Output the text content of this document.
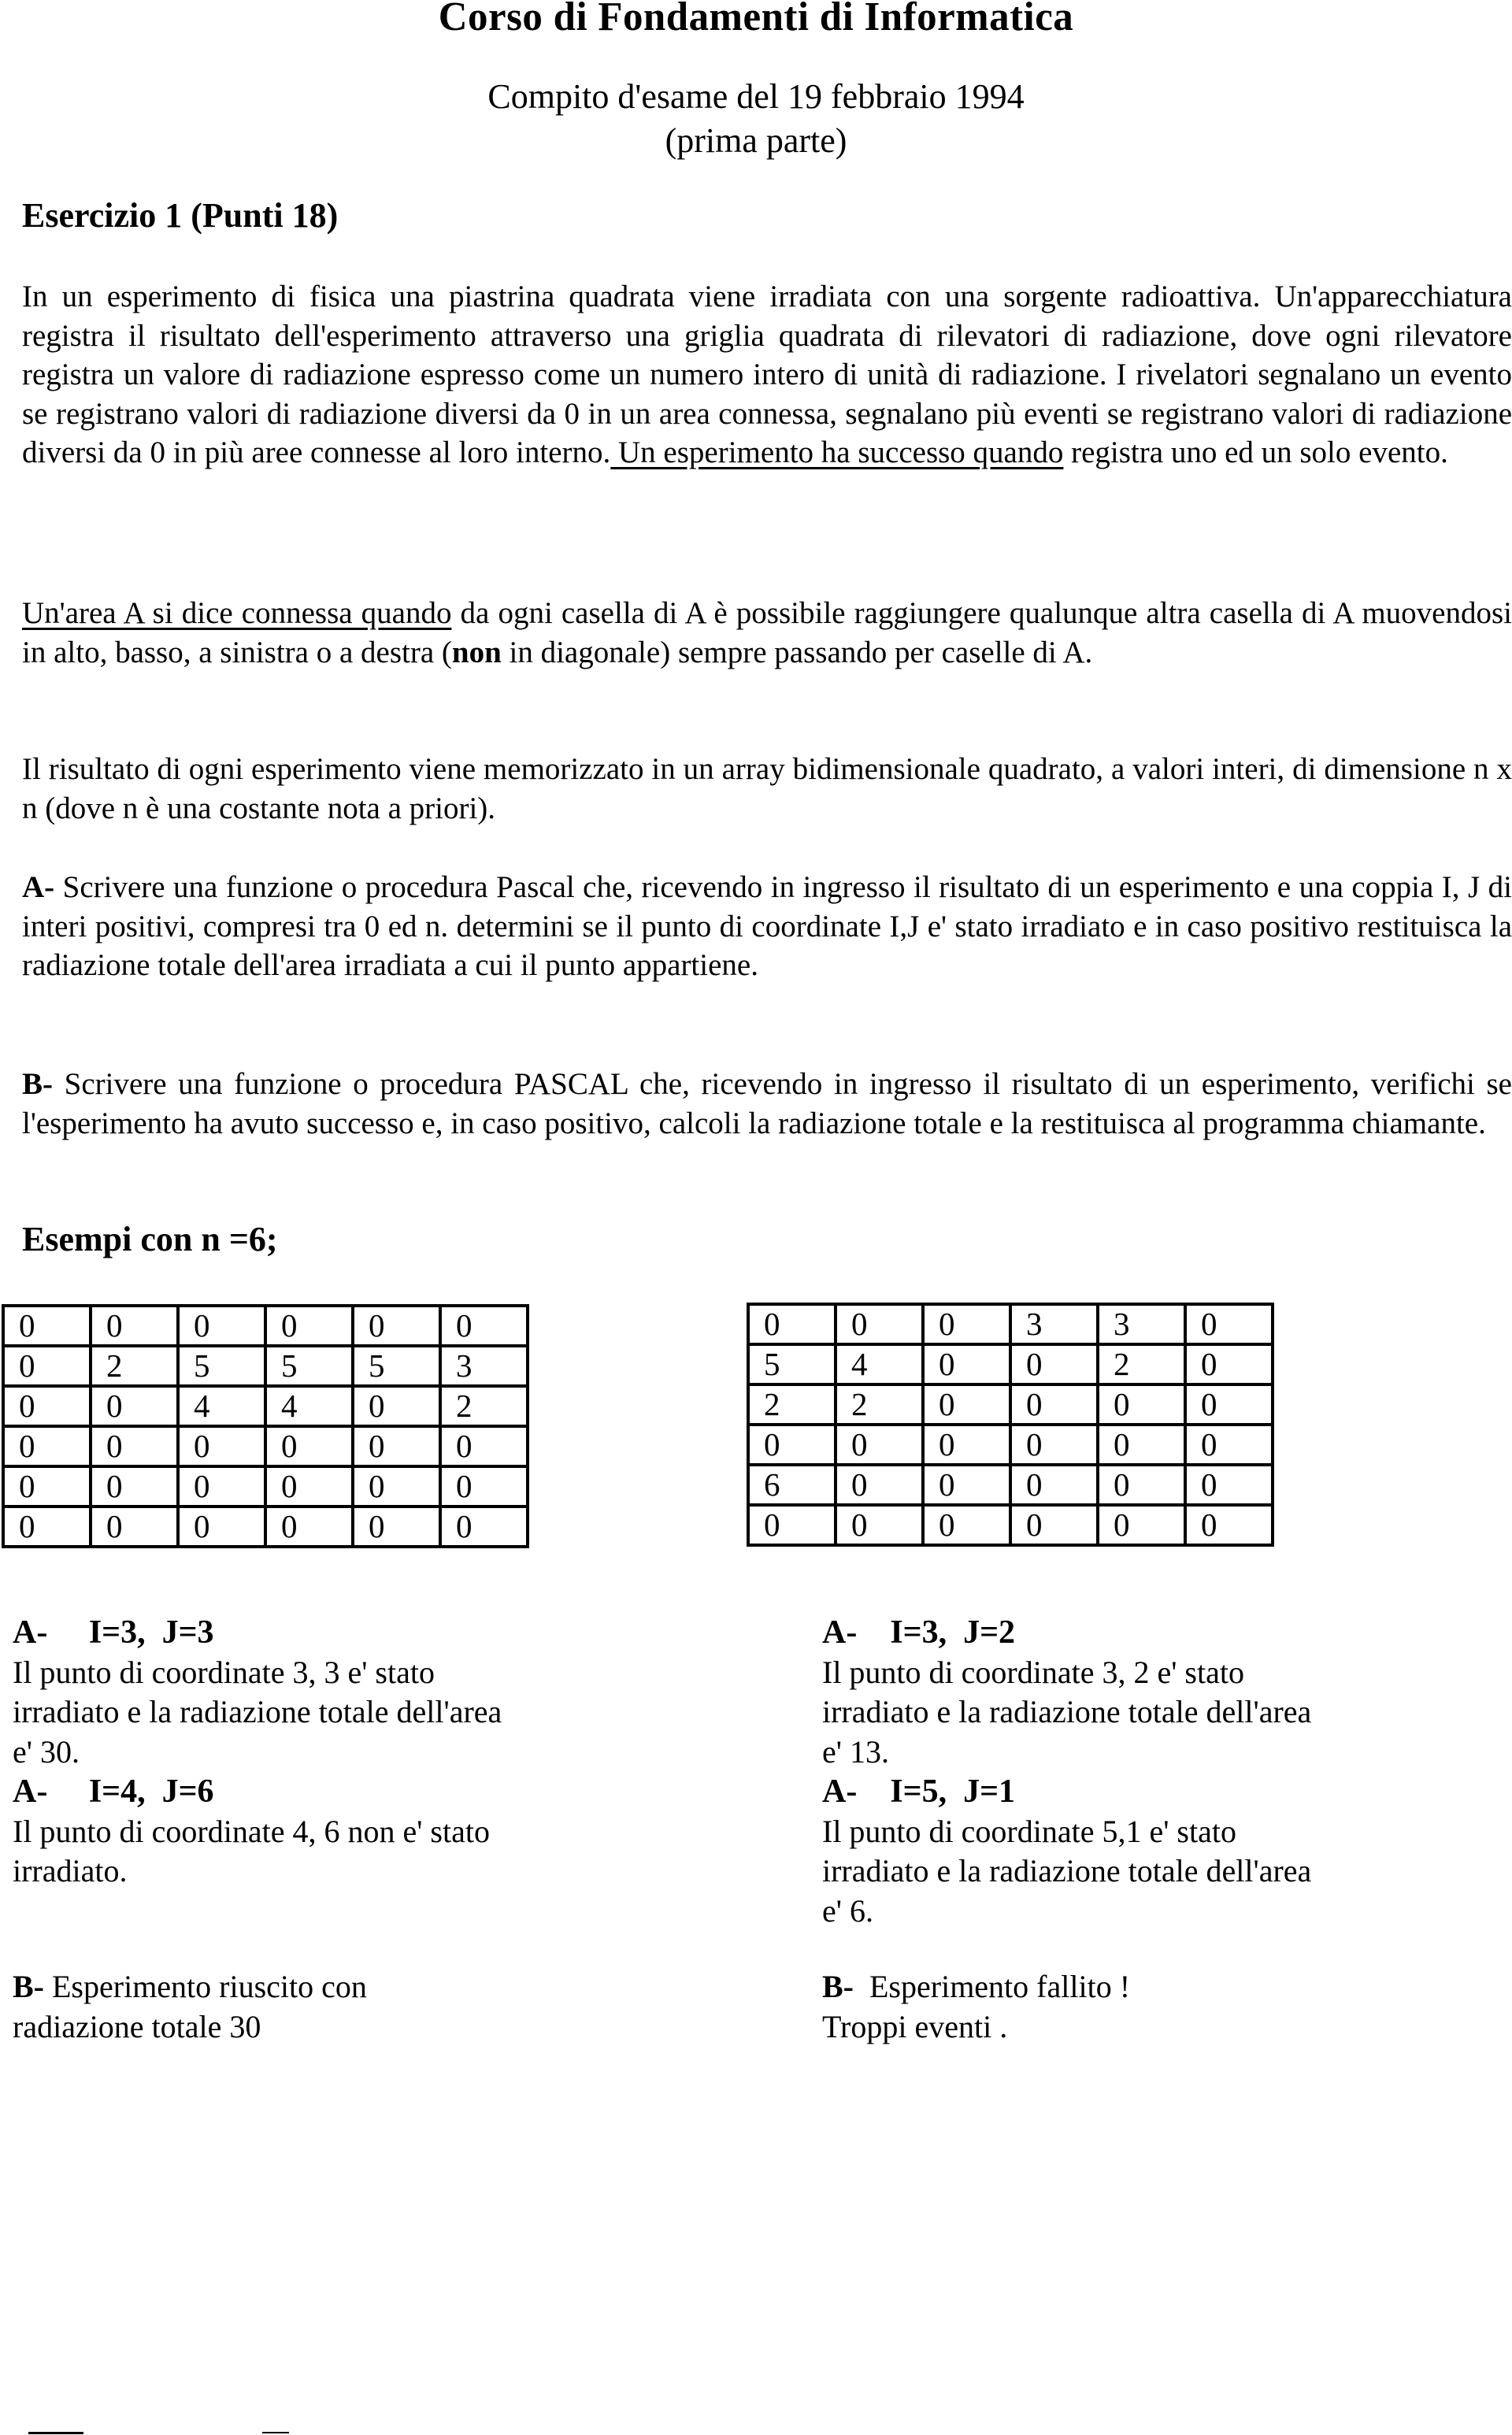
Corso di Fondamenti di Informatica
Compito d'esame del 19 febbraio 1994
(prima parte)
Esercizio 1 (Punti 18)
In un esperimento di fisica una piastrina quadrata viene irradiata con una sorgente radioattiva. Un'apparecchiatura registra il risultato dell'esperimento attraverso una griglia quadrata di rilevatori di radiazione, dove ogni rilevatore registra un valore di radiazione espresso come un numero intero di unità di radiazione. I rivelatori segnalano un evento se registrano valori di radiazione diversi da 0 in un area connessa, segnalano più eventi se registrano valori di radiazione diversi da 0 in più aree connesse al loro interno. Un esperimento ha successo quando registra uno ed un solo evento.
Un'area A si dice connessa quando da ogni casella di A è possibile raggiungere qualunque altra casella di A muovendosi in alto, basso, a sinistra o a destra (non in diagonale) sempre passando per caselle di A.
Il risultato di ogni esperimento viene memorizzato in un array bidimensionale quadrato, a valori interi, di dimensione n x n (dove n è una costante nota a priori).
A- Scrivere una funzione o procedura Pascal che, ricevendo in ingresso il risultato di un esperimento e una coppia I, J di interi positivi, compresi tra 0 ed n. determini se il punto di coordinate I,J e' stato irradiato e in caso positivo restituisca la radiazione totale dell'area irradiata a cui il punto appartiene.
B- Scrivere una funzione o procedura PASCAL che, ricevendo in ingresso il risultato di un esperimento, verifichi se l'esperimento ha avuto successo e, in caso positivo, calcoli la radiazione totale e la restituisca al programma chiamante.
Esempi con n =6;
0	0	0	0	0	0
0	2	5	5	5	3
0	0	4	4	0	2
0	0	0	0	0	0
0	0	0	0	0	0
0	0	0	0	0	0
0	0	0	3	3	0
5	4	0	0	2	0
2	2	0	0	0	0
0	0	0	0	0	0
6	0	0	0	0	0
0	0	0	0	0	0
A-     I=3,  J=3
Il punto di coordinate 3, 3 e' stato
irradiato e la radiazione totale dell'area
e' 30.
A-     I=4,  J=6
Il punto di coordinate 4, 6 non e' stato
irradiato.
B- Esperimento riuscito con
radiazione totale 30
A-    I=3,  J=2
Il punto di coordinate 3, 2 e' stato
irradiato e la radiazione totale dell'area
e' 13.
A-    I=5,  J=1
Il punto di coordinate 5,1 e' stato
irradiato e la radiazione totale dell'area
e' 6.
B-  Esperimento fallito !
Troppi eventi .
